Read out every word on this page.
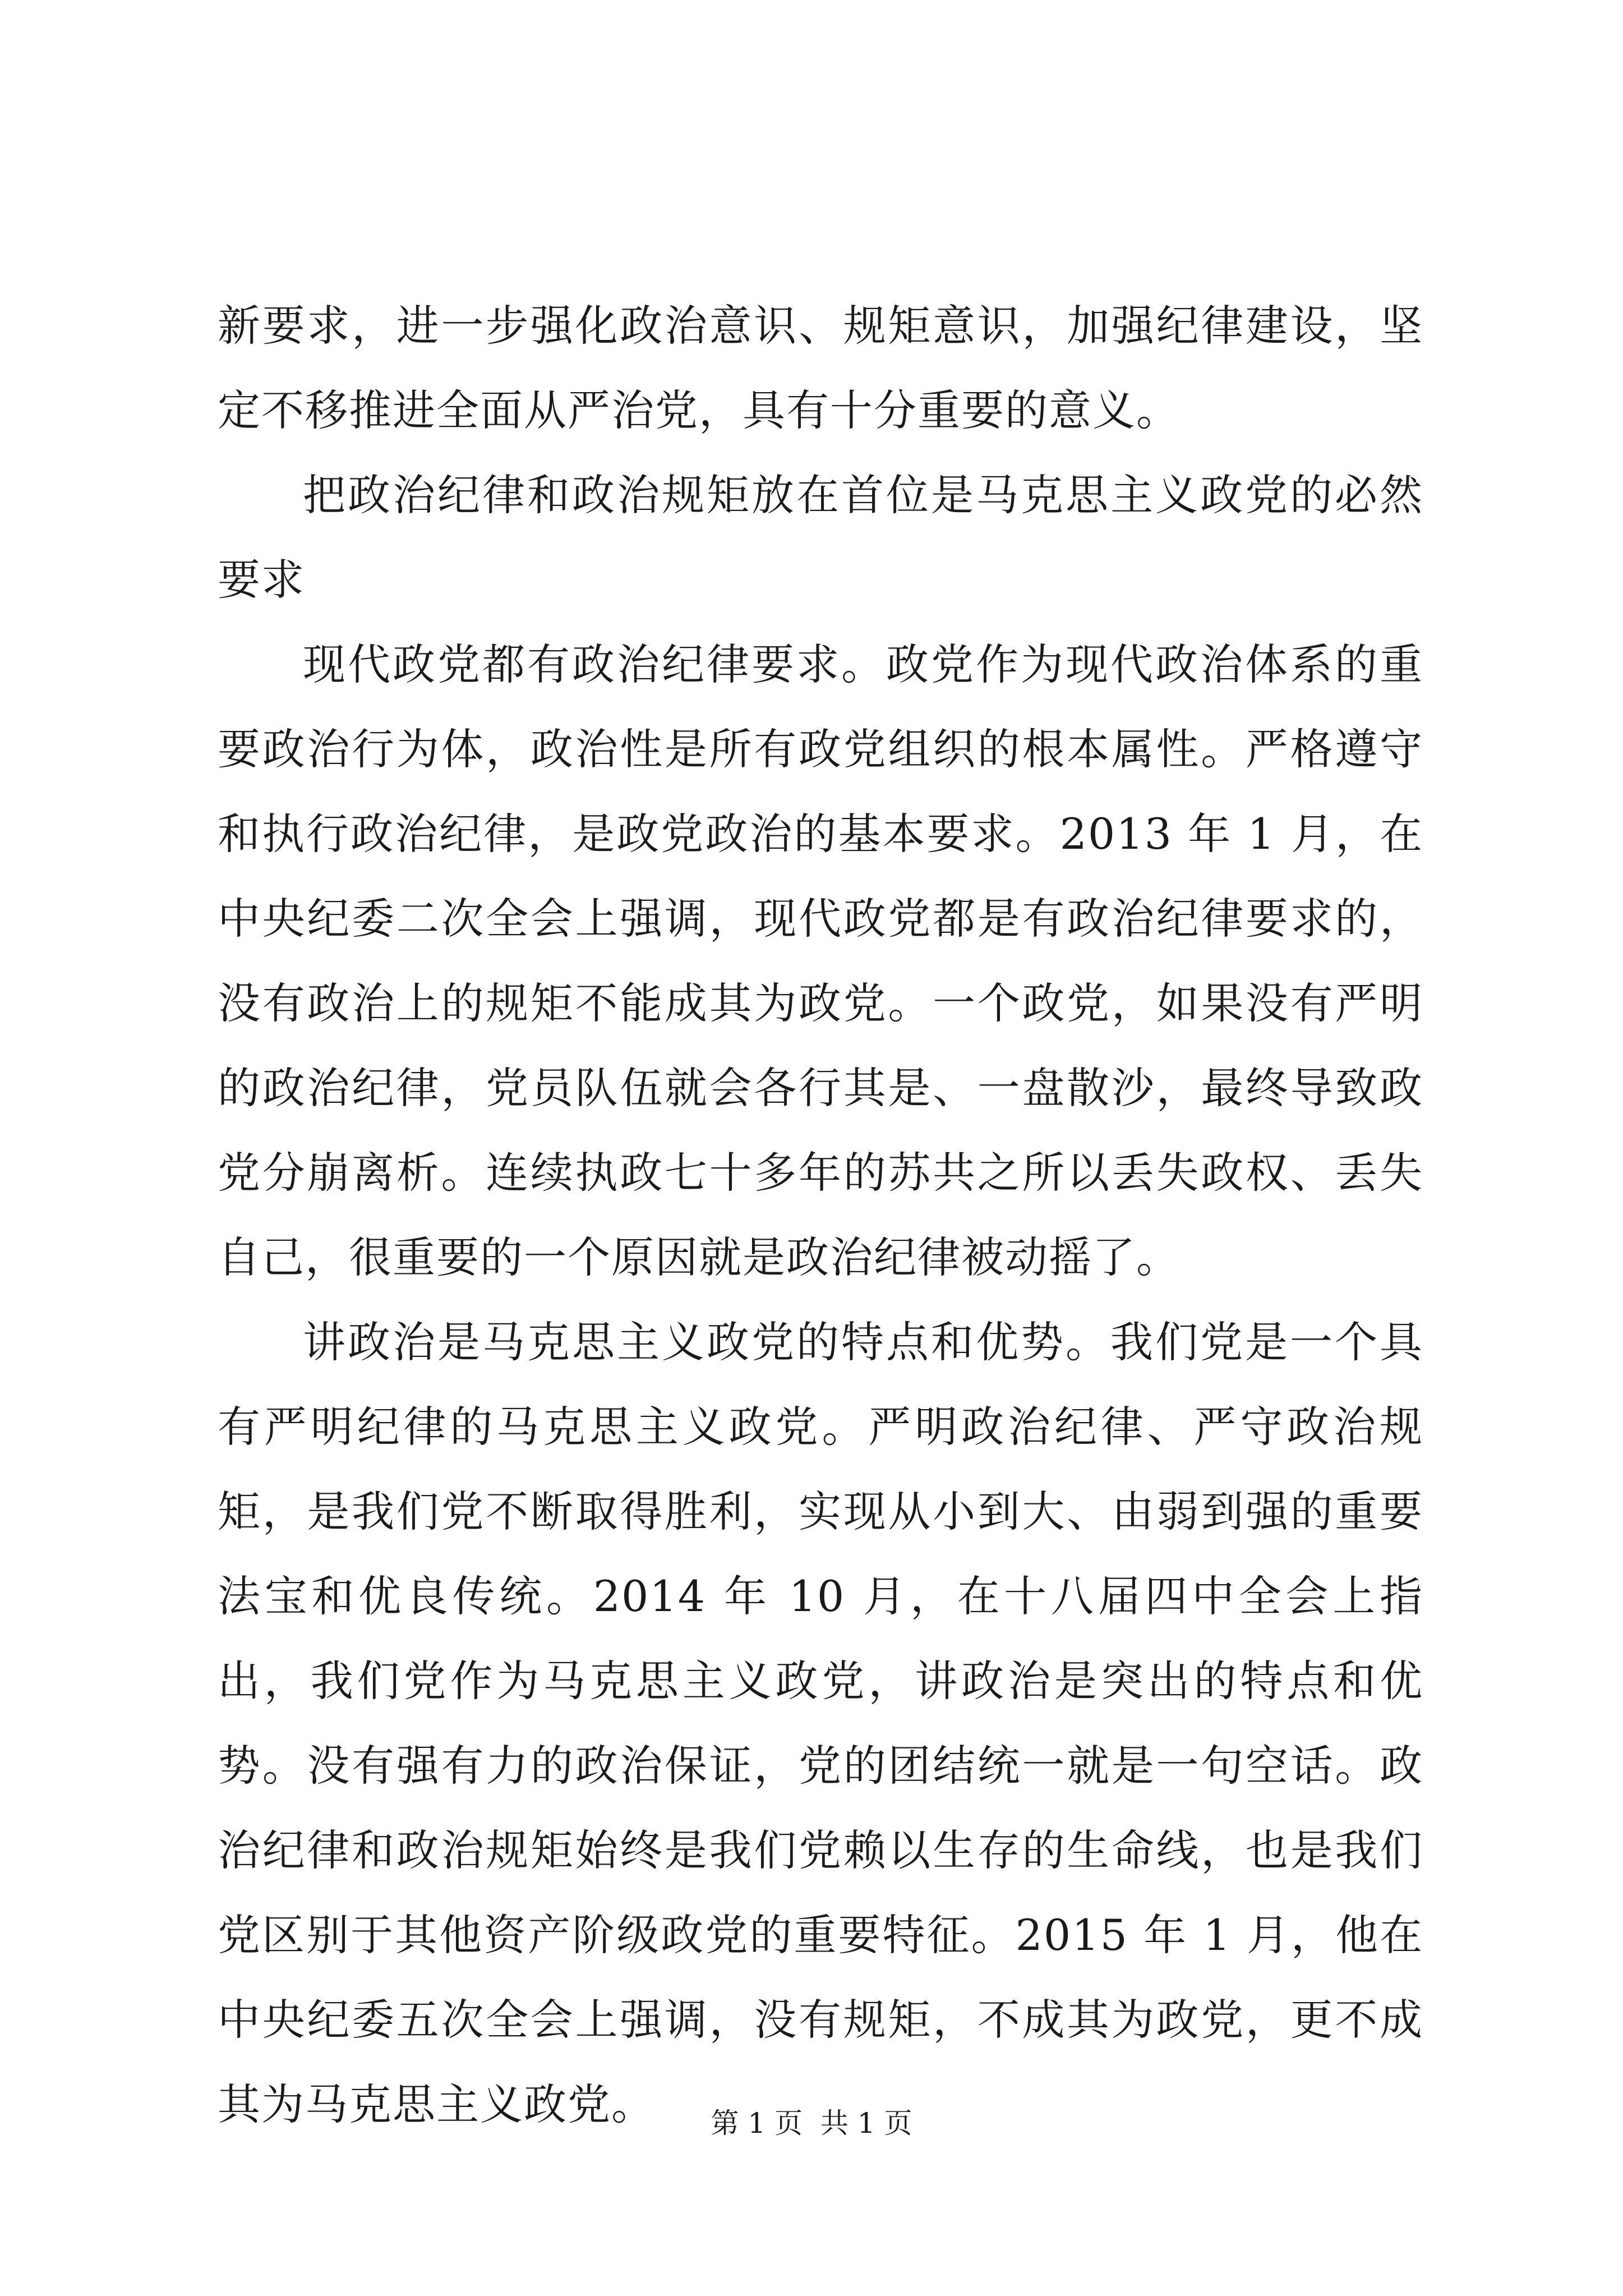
新要求，进一步强化政治意识、规矩意识，加强纪律建设，坚定不移推进全面从严治党，具有十分重要的意义。

把政治纪律和政治规矩放在首位是马克思主义政党的必然要求

现代政党都有政治纪律要求。政党作为现代政治体系的重要政治行为体，政治性是所有政党组织的根本属性。严格遵守和执行政治纪律，是政党政治的基本要求。2013 年 1 月，在中央纪委二次全会上强调，现代政党都是有政治纪律要求的，没有政治上的规矩不能成其为政党。一个政党，如果没有严明的政治纪律，党员队伍就会各行其是、一盘散沙，最终导致政党分崩离析。连续执政七十多年的苏共之所以丢失政权、丢失自己，很重要的一个原因就是政治纪律被动摇了。

讲政治是马克思主义政党的特点和优势。我们党是一个具有严明纪律的马克思主义政党。严明政治纪律、严守政治规矩，是我们党不断取得胜利，实现从小到大、由弱到强的重要法宝和优良传统。2014 年 10 月，在十八届四中全会上指出，我们党作为马克思主义政党，讲政治是突出的特点和优势。没有强有力的政治保证，党的团结统一就是一句空话。政治纪律和政治规矩始终是我们党赖以生存的生命线，也是我们党区别于其他资产阶级政党的重要特征。2015 年 1 月，他在中央纪委五次全会上强调，没有规矩，不成其为政党，更不成其为马克思主义政党。	第 1 页  共 1 页
